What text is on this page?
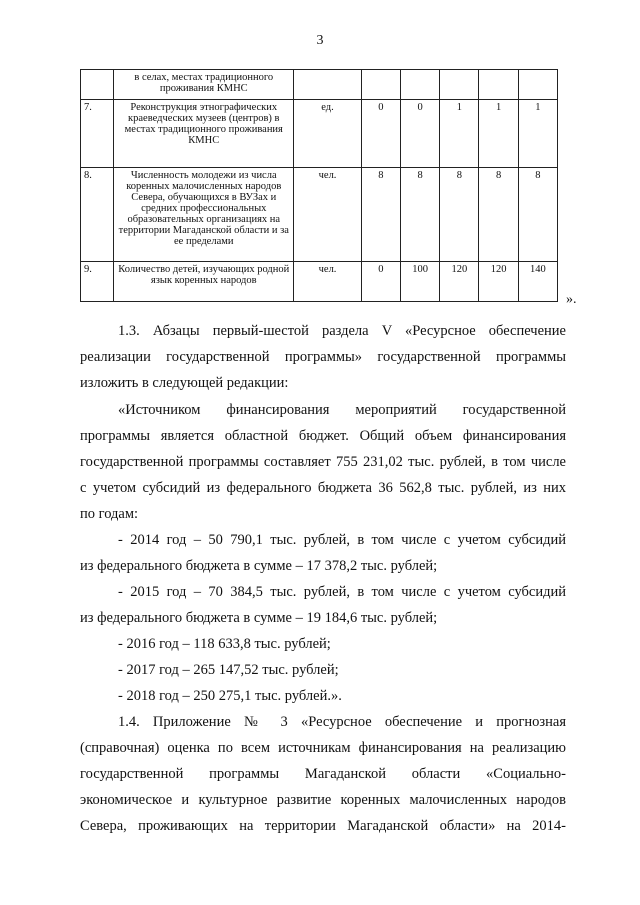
3
	в селах, местах традиционного проживания КМНС						
7.	Реконструкция этнографических краеведческих музеев (центров) в местах традиционного проживания КМНС	ед.	0	0	1	1	1
8.	Численность молодежи из числа коренных малочисленных народов Севера, обучающихся в ВУЗах и средних профессиональных образовательных организациях на территории Магаданской области и за ее пределами	чел.	8	8	8	8	8
9.	Количество детей, изучающих родной язык коренных народов	чел.	0	100	120	120	140
».
1.3. Абзацы первый-шестой раздела V «Ресурсное обеспечение
реализации государственной программы» государственной программы
изложить в следующей редакции:
«Источником финансирования мероприятий государственной
программы является областной бюджет. Общий объем финансирования
государственной программы составляет 755 231,02 тыс. рублей, в том числе
с учетом субсидий из федерального бюджета 36 562,8 тыс. рублей, из них
по годам:
- 2014 год – 50 790,1 тыс. рублей, в том числе с учетом субсидий
из федерального бюджета в сумме – 17 378,2 тыс. рублей;
- 2015 год – 70 384,5 тыс. рублей, в том числе с учетом субсидий
из федерального бюджета в сумме – 19 184,6 тыс. рублей;
- 2016 год – 118 633,8 тыс. рублей;
- 2017 год – 265 147,52 тыс. рублей;
- 2018 год – 250 275,1 тыс. рублей.».
1.4. Приложение № 3 «Ресурсное обеспечение и прогнозная
(справочная) оценка по всем источникам финансирования на реализацию
государственной программы Магаданской области «Социально-
экономическое и культурное развитие коренных малочисленных народов
Севера, проживающих на территории Магаданской области» на 2014-
